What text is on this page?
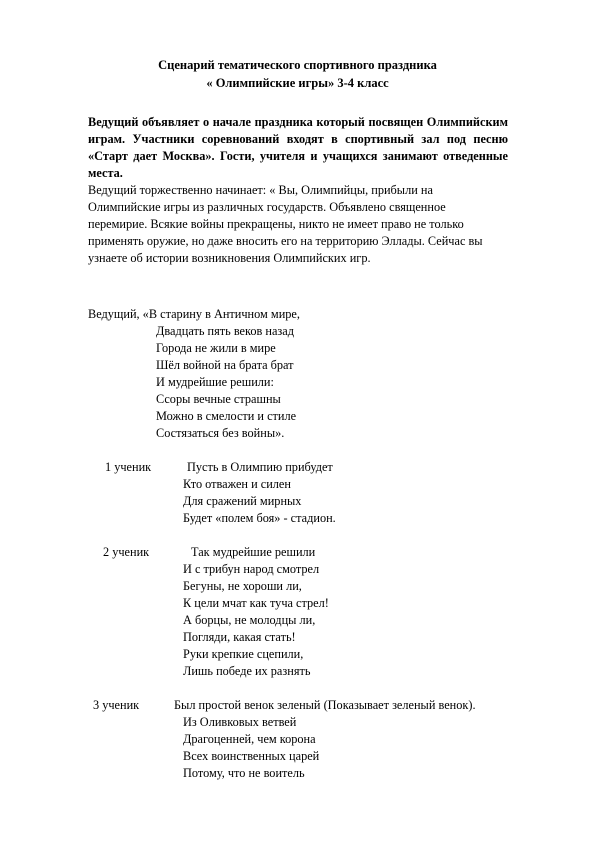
Сценарий тематического спортивного праздника
« Олимпийские игры» 3-4 класс
Ведущий объявляет о начале праздника который посвящен Олимпийским играм. Участники соревнований входят в спортивный зал под песню «Старт дает Москва». Гости, учителя и учащихся занимают отведенные места.
Ведущий торжественно начинает: « Вы, Олимпийцы, прибыли на Олимпийские игры из различных государств. Объявлено священное перемирие. Всякие войны прекращены, никто не имеет право не только применять оружие, но даже вносить его на территорию Эллады. Сейчас вы узнаете об истории возникновения Олимпийских игр.
Ведущий, «В старину в Античном мире,
Двадцать пять веков назад
Города не жили в мире
Шёл войной на брата брат
И мудрейшие решили:
Ссоры вечные страшны
Можно в смелости и стиле
Состязаться без войны».
1 ученик	Пусть в Олимпию прибудет
Кто отважен и силен
Для сражений мирных
Будет «полем боя» - стадион.
2 ученик	Так мудрейшие решили
И с трибун народ смотрел
Бегуны, не хороши ли,
К цели мчат как туча стрел!
А борцы, не молодцы ли,
Погляди, какая стать!
Руки крепкие сцепили,
Лишь победе их разнять
3 ученик	Был простой венок зеленый (Показывает зеленый венок).
Из Оливковых ветвей
Драгоценней, чем корона
Всех воинственных царей
Потому, что не воитель
